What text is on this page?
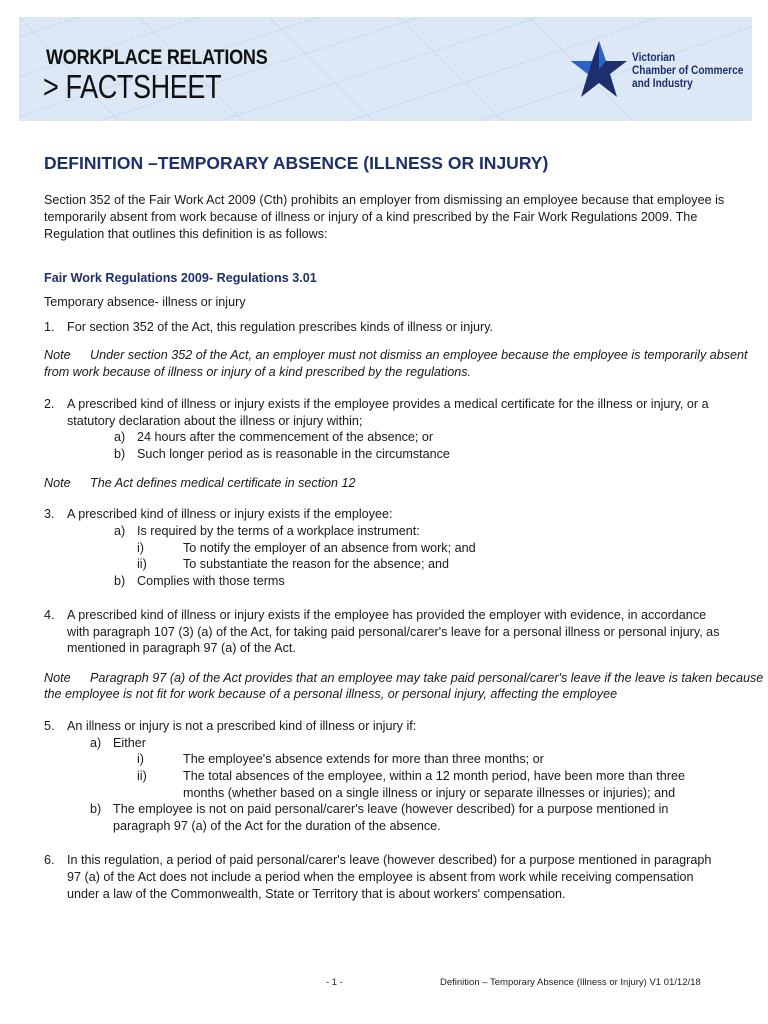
WORKPLACE RELATIONS
> FACTSHEET
Victorian
Chamber of Commerce
and Industry
DEFINITION –TEMPORARY ABSENCE (ILLNESS OR INJURY)
Section 352 of the Fair Work Act 2009 (Cth) prohibits an employer from dismissing an employee because that employee is
temporarily absent from work because of illness or injury of a kind prescribed by the Fair Work Regulations 2009. The
Regulation that outlines this definition is as follows:
Fair Work Regulations 2009- Regulations 3.01
Temporary absence- illness or injury
1. For section 352 of the Act, this regulation prescribes kinds of illness or injury.
Note Under section 352 of the Act, an employer must not dismiss an employee because the employee is temporarily absent
from work because of illness or injury of a kind prescribed by the regulations.
2. A prescribed kind of illness or injury exists if the employee provides a medical certificate for the illness or injury, or a
statutory declaration about the illness or injury within;
a) 24 hours after the commencement of the absence; or
b) Such longer period as is reasonable in the circumstance
Note The Act defines medical certificate in section 12
3. A prescribed kind of illness or injury exists if the employee:
a) Is required by the terms of a workplace instrument:
i)	To notify the employer of an absence from work; and
ii)	To substantiate the reason for the absence; and
b) Complies with those terms
4. A prescribed kind of illness or injury exists if the employee has provided the employer with evidence, in accordance
with paragraph 107 (3) (a) of the Act, for taking paid personal/carer's leave for a personal illness or personal injury, as
mentioned in paragraph 97 (a) of the Act.
Note Paragraph 97 (a) of the Act provides that an employee may take paid personal/carer's leave if the leave is taken because
the employee is not fit for work because of a personal illness, or personal injury, affecting the employee
5. An illness or injury is not a prescribed kind of illness or injury if:
a) Either
i)	The employee's absence extends for more than three months; or
ii)	The total absences of the employee, within a 12 month period, have been more than three
months (whether based on a single illness or injury or separate illnesses or injuries); and
b) The employee is not on paid personal/carer's leave (however described) for a purpose mentioned in
paragraph 97 (a) of the Act for the duration of the absence.
6. In this regulation, a period of paid personal/carer's leave (however described) for a purpose mentioned in paragraph
97 (a) of the Act does not include a period when the employee is absent from work while receiving compensation
under a law of the Commonwealth, State or Territory that is about workers' compensation.
- 1 -	Definition – Temporary Absence (Illness or Injury) V1 01/12/18
